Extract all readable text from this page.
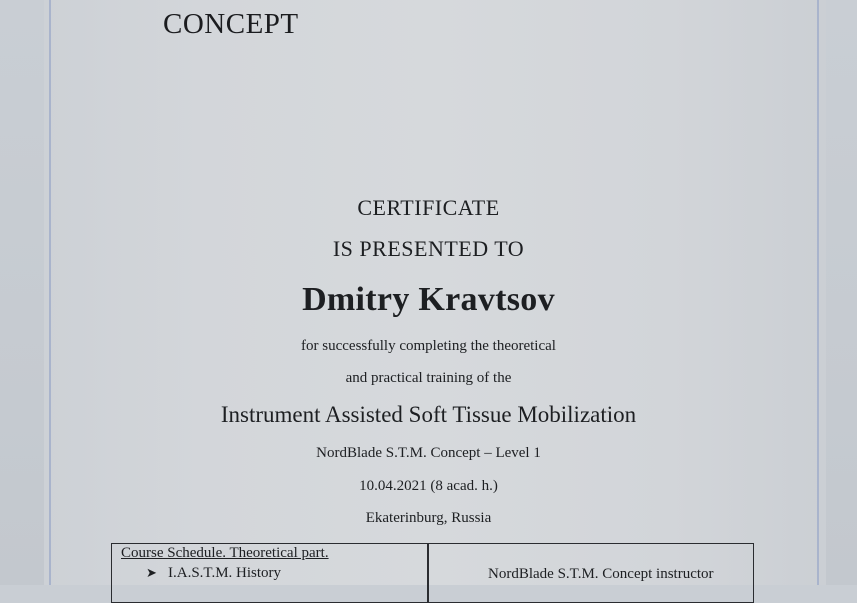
CONCEPT
CERTIFICATE
IS PRESENTED TO
Dmitry Kravtsov
for successfully completing the theoretical
and practical training of the
Instrument Assisted Soft Tissue Mobilization
NordBlade S.T.M. Concept – Level 1
10.04.2021 (8 acad. h.)
Ekaterinburg, Russia
Course Schedule. Theoretical part.
➤ I.A.S.T.M. History	NordBlade S.T.M. Concept instructor
